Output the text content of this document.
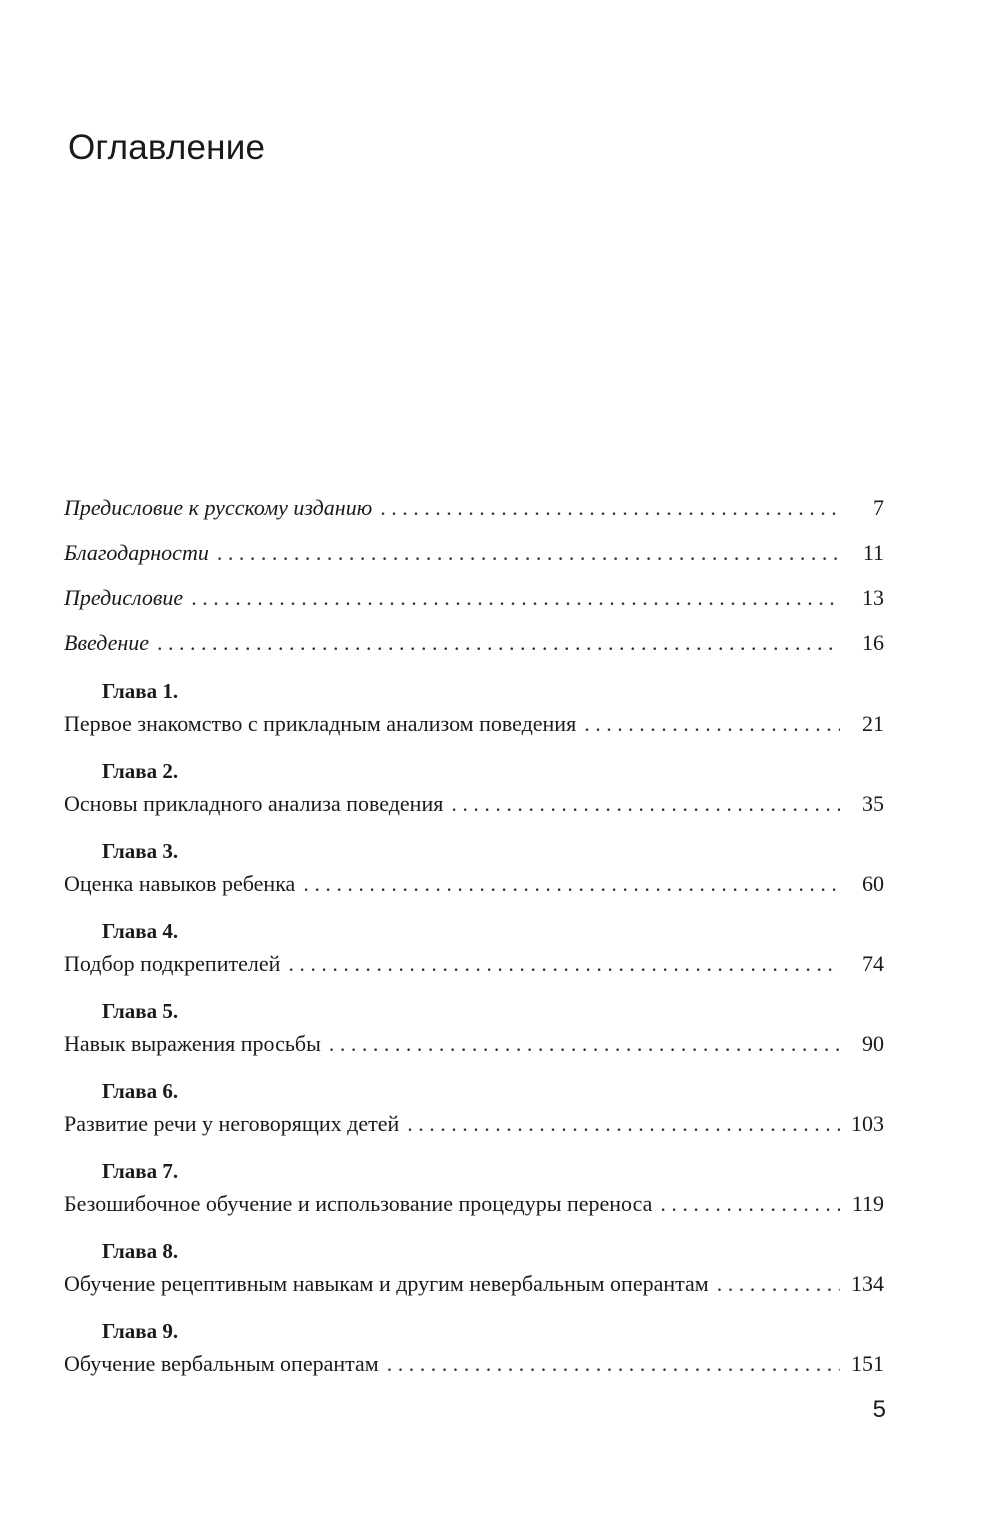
Оглавление
Предисловие к русскому изданию . . .	7
Благодарности . . .	11
Предисловие . . .	13
Введение . . .	16
Глава 1.
Первое знакомство с прикладным анализом поведения . . .	21
Глава 2.
Основы прикладного анализа поведения . . .	35
Глава 3.
Оценка навыков ребенка . . .	60
Глава 4.
Подбор подкрепителей . . .	74
Глава 5.
Навык выражения просьбы . . .	90
Глава 6.
Развитие речи у неговорящих детей . . .	103
Глава 7.
Безошибочное обучение и использование процедуры переноса . . .	119
Глава 8.
Обучение рецептивным навыкам и другим невербальным оперантам . . .	134
Глава 9.
Обучение вербальным оперантам . . .	151
5
